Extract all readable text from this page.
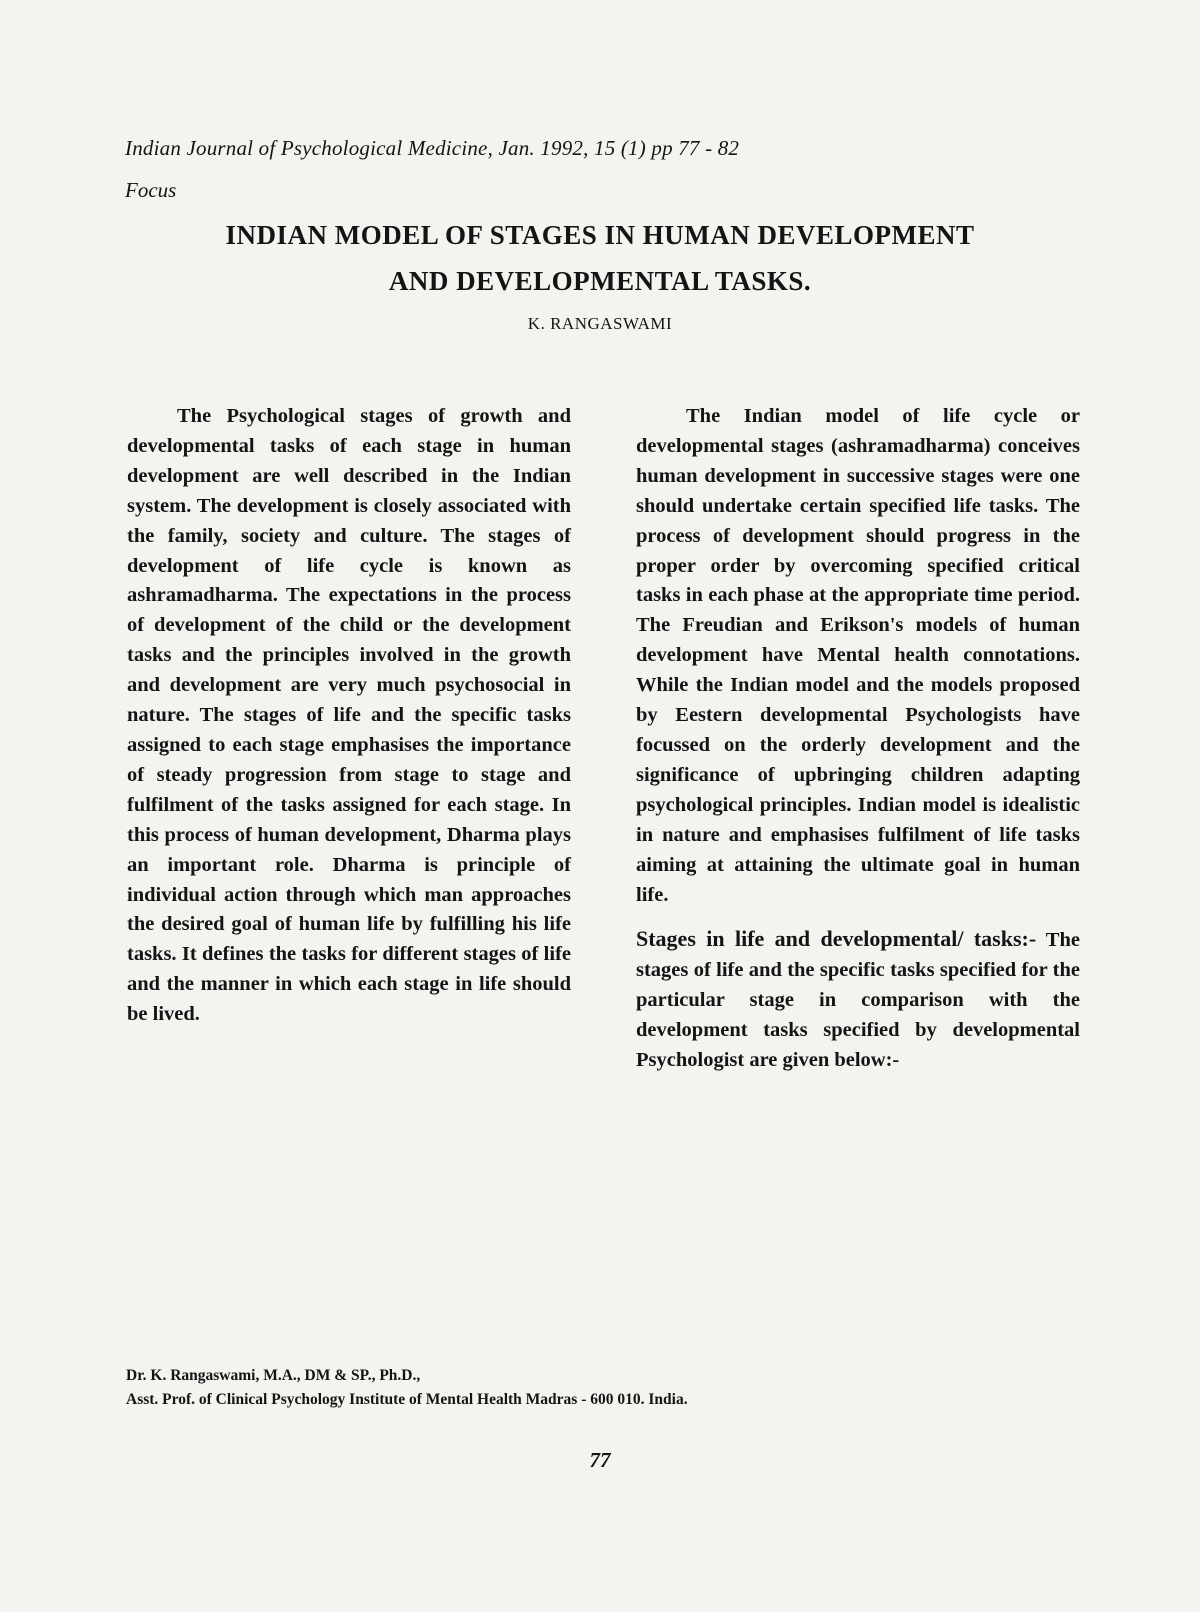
Indian Journal of Psychological Medicine, Jan. 1992, 15 (1) pp 77 - 82
Focus
INDIAN MODEL OF STAGES IN HUMAN DEVELOPMENT
AND DEVELOPMENTAL TASKS.
K. RANGASWAMI

The Psychological stages of growth and developmental tasks of each stage in human development are well described in the Indian system. The development is closely associated with the family, society and culture. The stages of development of life cycle is known as ashramadharma. The expectations in the process of development of the child or the development tasks and the principles involved in the growth and development are very much psychosocial in nature. The stages of life and the specific tasks assigned to each stage emphasises the importance of steady progression from stage to stage and fulfilment of the tasks assigned for each stage. In this process of human development, Dharma plays an important role. Dharma is principle of individual action through which man approaches the desired goal of human life by fulfilling his life tasks. It defines the tasks for different stages of life and the manner in which each stage in life should be lived.

The Indian model of life cycle or developmental stages (ashramadharma) conceives human development in successive stages were one should undertake certain specified life tasks. The process of development should progress in the proper order by overcoming specified critical tasks in each phase at the appropriate time period. The Freudian and Erikson's models of human development have Mental health connotations. While the Indian model and the models proposed by Eestern developmental Psychologists have focussed on the orderly development and the significance of upbringing children adapting psychological principles. Indian model is idealistic in nature and emphasises fulfilment of life tasks aiming at attaining the ultimate goal in human life.

Stages in life and developmental/ tasks:- The stages of life and the specific tasks specified for the particular stage in comparison with the development tasks specified by developmental Psychologist are given below:-
Dr. K. Rangaswami, M.A., DM & SP., Ph.D.,
Asst. Prof. of Clinical Psychology Institute of Mental Health Madras - 600 010. India.
77
